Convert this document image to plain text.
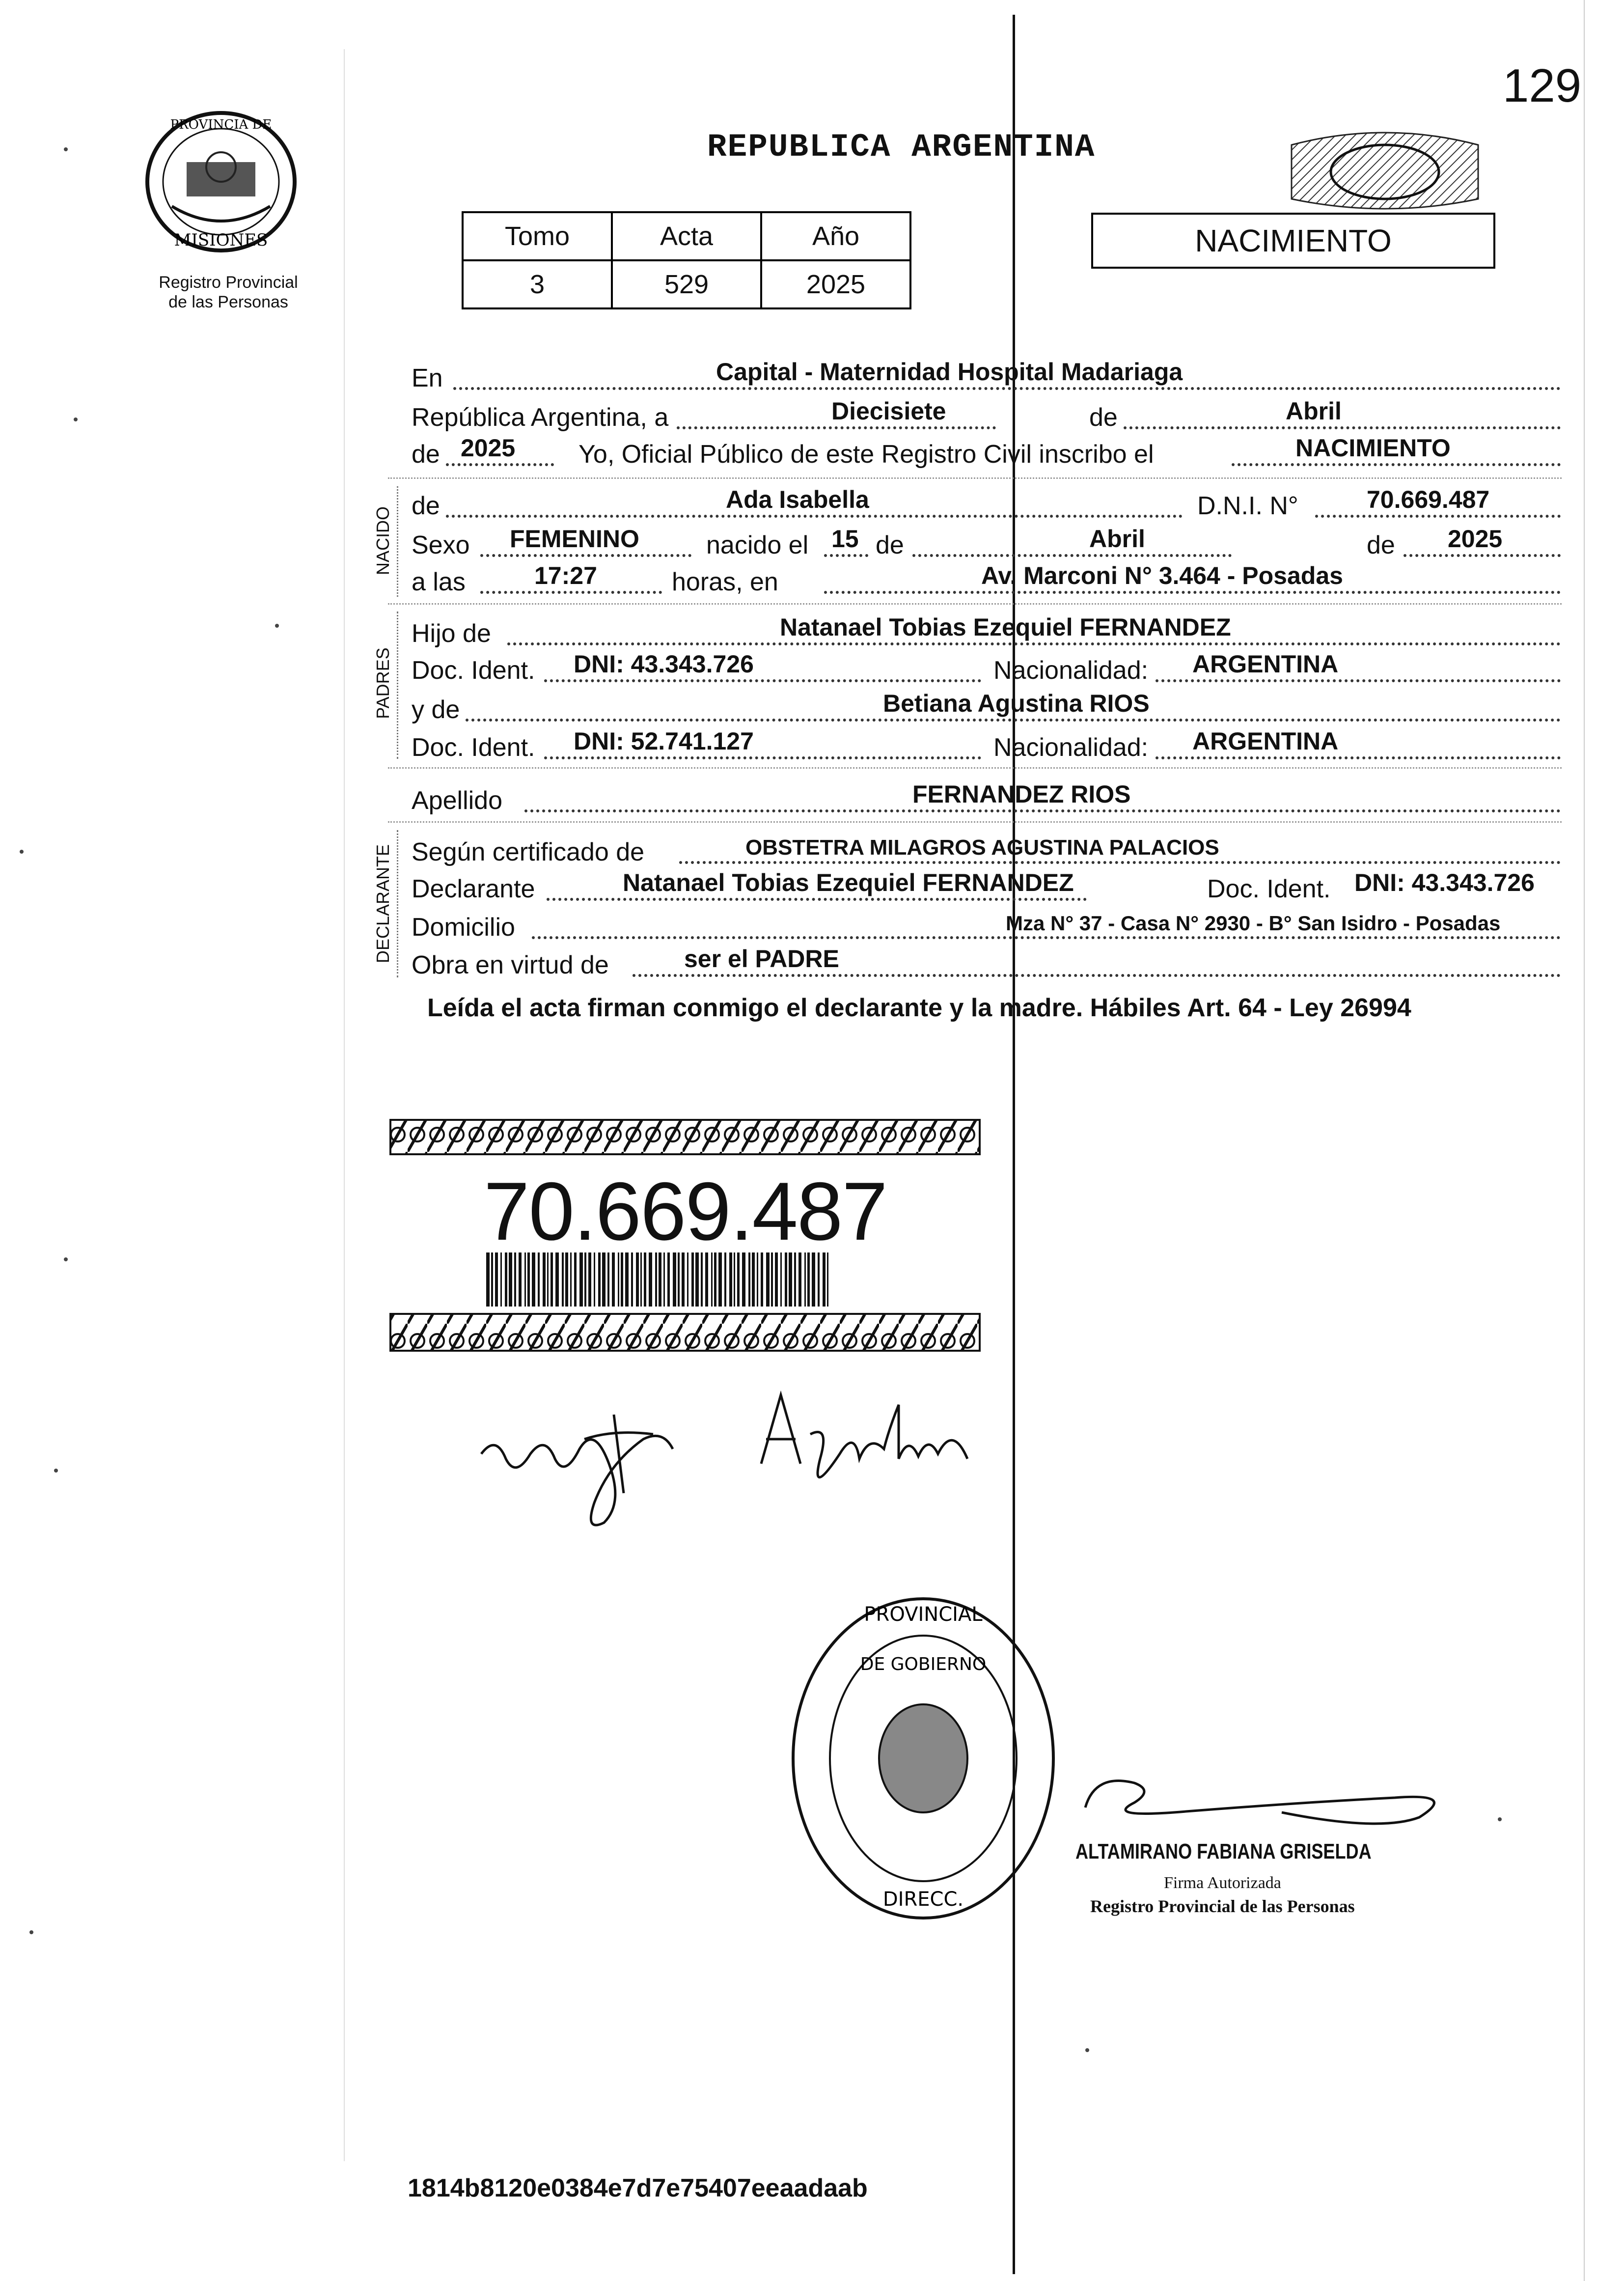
129
PROVINCIA DE
MISIONES
Registro Provincial
de las Personas
REPUBLICA ARGENTINA
Tomo	Acta	Año
3	529	2025
NACIMIENTO
En	Capital - Maternidad Hospital Madariaga
República Argentina, a	Diecisiete	de	Abril
de 2025 Yo, Oficial Público de este Registro Civil inscribo el	NACIMIENTO
NACIDO
de	Ada Isabella	D.N.I. N°	70.669.487
Sexo FEMENINO	nacido el 15 de	Abril	de 2025
a las	17:27	horas, en	Av. Marconi N° 3.464 - Posadas
PADRES
Hijo de	Natanael Tobias Ezequiel FERNANDEZ
Doc. Ident. DNI: 43.343.726	Nacionalidad: ARGENTINA
y de	Betiana Agustina RIOS
Doc. Ident. DNI: 52.741.127	Nacionalidad: ARGENTINA
Apellido	FERNANDEZ RIOS
DECLARANTE Según certificado de	OBSTETRA MILAGROS AGUSTINA PALACIOS
Declarante	Natanael Tobias Ezequiel FERNANDEZ	Doc. Ident. DNI: 43.343.726
Domicilio	Mza N° 37 - Casa N° 2930 - B° San Isidro - Posadas
Obra en virtud de	ser el PADRE
Leída el acta firman conmigo el declarante y la madre. Hábiles Art. 64 - Ley 26994
70.669.487
PROVINCIAL
DE GOBIERNO
DIRECC.
ALTAMIRANO FABIANA GRISELDA
Firma Autorizada
Registro Provincial de las Personas
1814b8120e0384e7d7e75407eeaadaab
